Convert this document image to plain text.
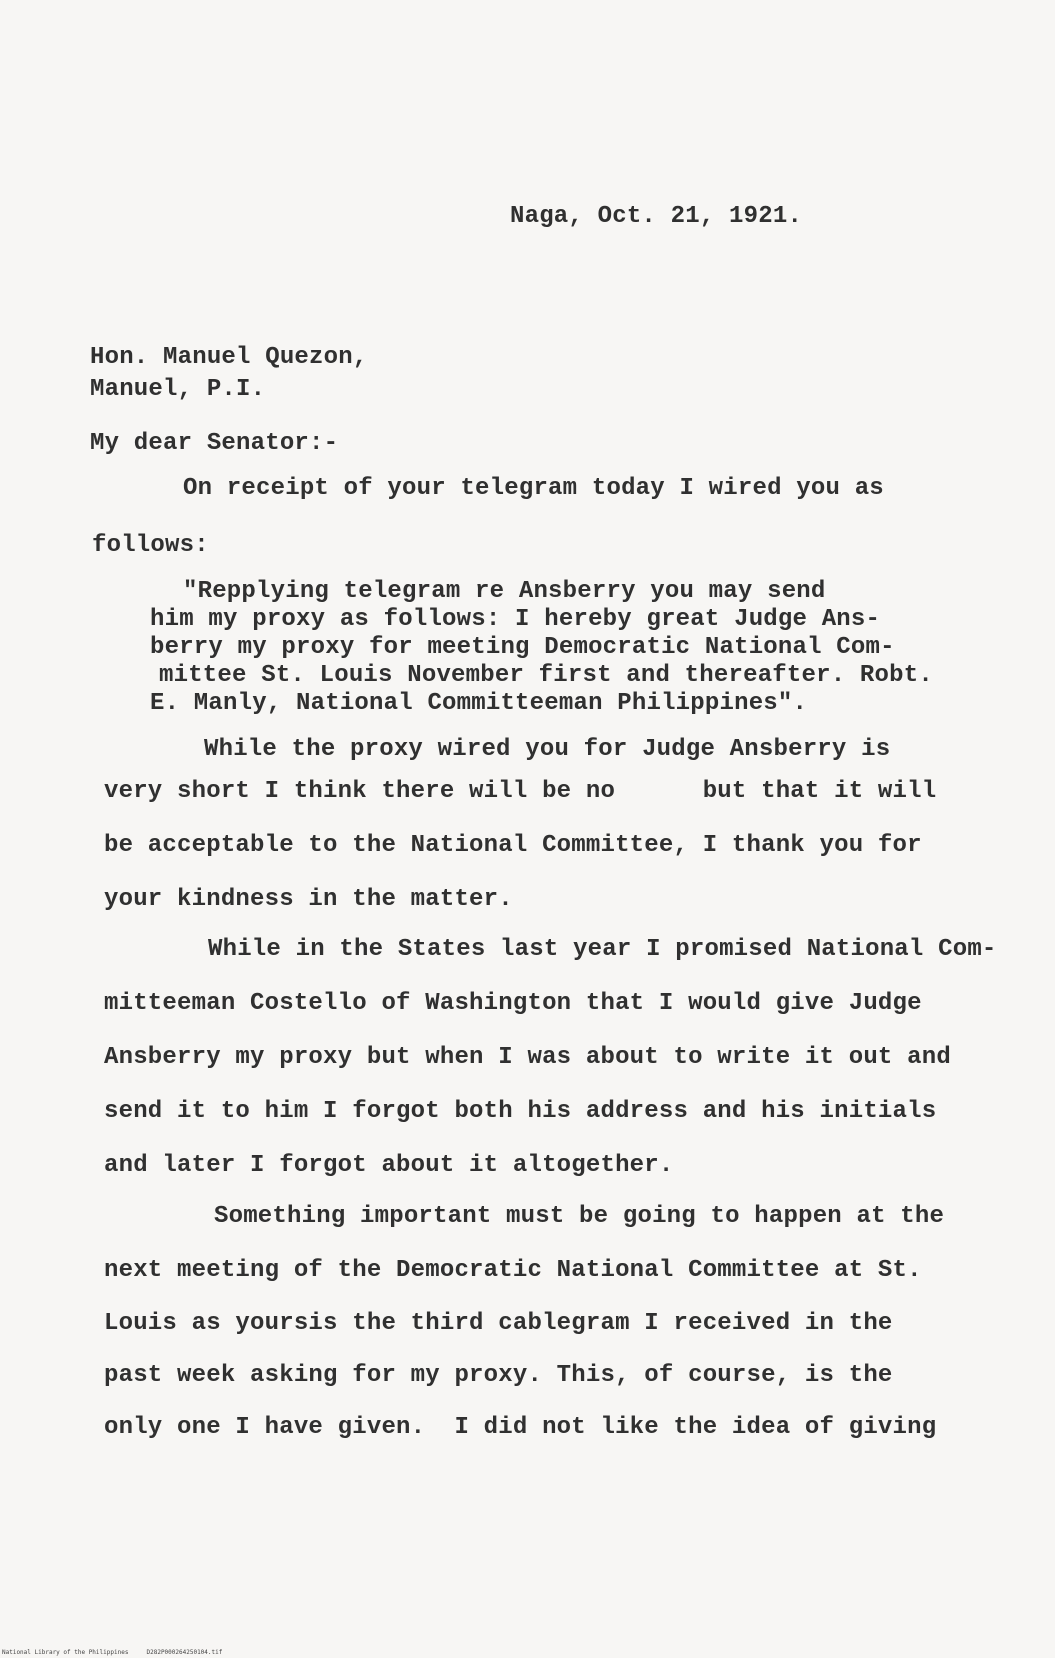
Naga, Oct. 21, 1921.
Hon. Manuel Quezon,
Manuel, P.I.
My dear Senator:-
On receipt of your telegram today I wired you as
follows:
"Repplying telegram re Ansberry you may send
him my proxy as follows: I hereby great Judge Ans-
berry my proxy for meeting Democratic National Com-
mittee St. Louis November first and thereafter. Robt.
E. Manly, National Committeeman Philippines".
While the proxy wired you for Judge Ansberry is
very short I think there will be no      but that it will
be acceptable to the National Committee, I thank you for
your kindness in the matter.
While in the States last year I promised National Com-
mitteeman Costello of Washington that I would give Judge
Ansberry my proxy but when I was about to write it out and
send it to him I forgot both his address and his initials
and later I forgot about it altogether.
Something important must be going to happen at the
next meeting of the Democratic National Committee at St.
Louis as yoursis the third cablegram I received in the
past week asking for my proxy. This, of course, is the
only one I have given.  I did not like the idea of giving
National Library of the Philippines     D282P000264250104.tif
